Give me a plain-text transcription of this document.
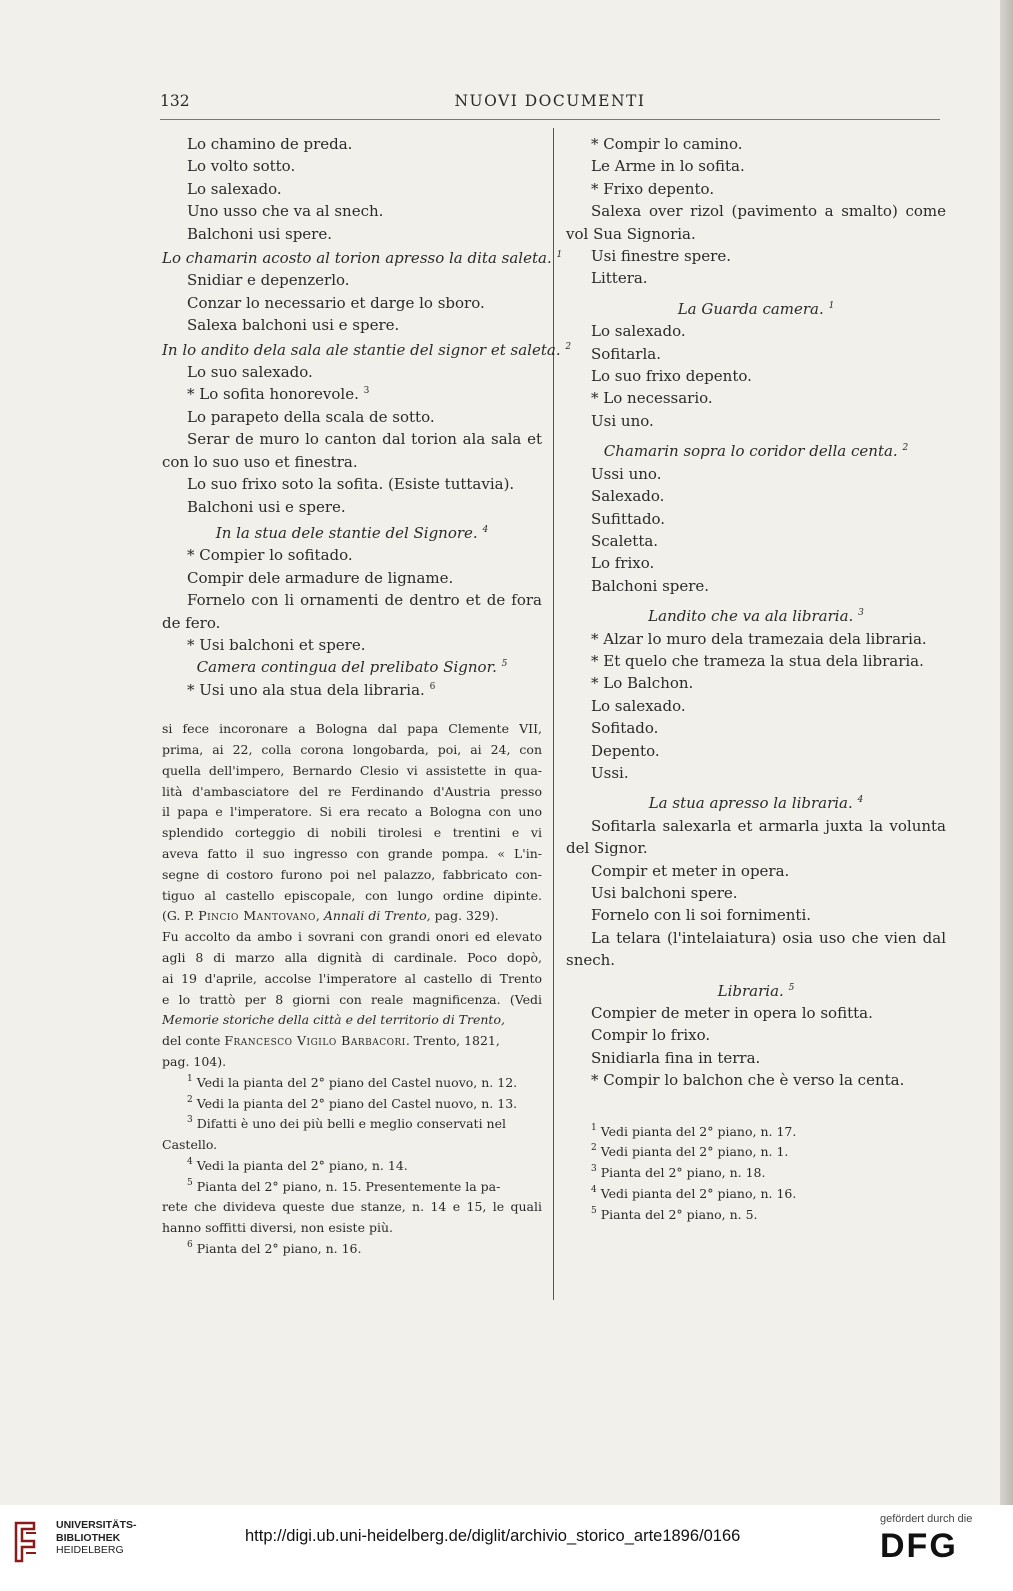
132	NUOVI DOCUMENTI
Lo chamino de preda.
Lo volto sotto.
Lo salexado.
Uno usso che va al snech.
Balchoni usi spere.
Lo chamarin acosto al torion apresso la dita saleta. $^1$
Snidiar e depenzerlo.
Conzar lo necessario et darge lo sboro.
Salexa balchoni usi e spere.
In lo andito dela sala ale stantie del signor et saleta. $^2$
Lo suo salexado.
* Lo sofita honorevole. $^3$
Lo parapeto della scala de sotto.
Serar de muro lo canton dal torion ala sala et
con lo suo uso et finestra.
Lo suo frixo soto la sofita. (Esiste tuttavia).
Balchoni usi e spere.
In la stua dele stantie del Signore. $^4$
* Compier lo sofitado.
Compir dele armadure de ligname.
Fornelo con li ornamenti de dentro et de fora
de fero.
* Usi balchoni et spere.
Camera contingua del prelibato Signor. $^5$
* Usi uno ala stua dela libraria. $^6$
si fece incoronare a Bologna dal papa Clemente VII,
prima, ai 22, colla corona longobarda, poi, ai 24, con
quella dell'impero, Bernardo Clesio vi assistette in qua-
lità d'ambasciatore del re Ferdinando d'Austria presso
il papa e l'imperatore. Si era recato a Bologna con uno
splendido corteggio di nobili tirolesi e trentini e vi
aveva fatto il suo ingresso con grande pompa. « L'in-
segne di costoro furono poi nel palazzo, fabbricato con-
tiguo al castello episcopale, con lungo ordine dipinte.
(G. P. Pincio Mantovano, Annali di Trento, pag. 329).
Fu accolto da ambo i sovrani con grandi onori ed elevato
agli 8 di marzo alla dignità di cardinale. Poco dopò,
ai 19 d'aprile, accolse l'imperatore al castello di Trento
e lo trattò per 8 giorni con reale magnificenza. (Vedi
Memorie storiche della città e del territorio di Trento,
del conte Francesco Vigilo Barbacori. Trento, 1821,
pag. 104).
$^1$ Vedi la pianta del 2° piano del Castel nuovo, n. 12.
$^2$ Vedi la pianta del 2° piano del Castel nuovo, n. 13.
$^3$ Difatti è uno dei più belli e meglio conservati nel
Castello.
$^4$ Vedi la pianta del 2° piano, n. 14.
$^5$ Pianta del 2° piano, n. 15. Presentemente la pa-
rete che divideva queste due stanze, n. 14 e 15, le quali
hanno soffitti diversi, non esiste più.
$^6$ Pianta del 2° piano, n. 16.
* Compir lo camino.
Le Arme in lo sofita.
* Frixo depento.
Salexa over rizol (pavimento a smalto) come
vol Sua Signoria.
Usi finestre spere.
Littera.
La Guarda camera. $^1$
Lo salexado.
Sofitarla.
Lo suo frixo depento.
* Lo necessario.
Usi uno.
Chamarin sopra lo coridor della centa. $^2$
Ussi uno.
Salexado.
Sufittado.
Scaletta.
Lo frixo.
Balchoni spere.
Landito che va ala libraria. $^3$
* Alzar lo muro dela tramezaia dela libraria.
* Et quelo che trameza la stua dela libraria.
* Lo Balchon.
Lo salexado.
Sofitado.
Depento.
Ussi.
La stua apresso la libraria. $^4$
Sofitarla salexarla et armarla juxta la volunta
del Signor.
Compir et meter in opera.
Usi balchoni spere.
Fornelo con li soi fornimenti.
La telara (l'intelaiatura) osia uso che vien dal
snech.
Libraria. $^5$
Compier de meter in opera lo sofitta.
Compir lo frixo.
Snidiarla fina in terra.
* Compir lo balchon che è verso la centa.
$^1$ Vedi pianta del 2° piano, n. 17.
$^2$ Vedi pianta del 2° piano, n. 1.
$^3$ Pianta del 2° piano, n. 18.
$^4$ Vedi pianta del 2° piano, n. 16.
$^5$ Pianta del 2° piano, n. 5.
UNIVERSITÄTS-
BIBLIOTHEK
HEIDELBERG
http://digi.ub.uni-heidelberg.de/diglit/archivio_storico_arte1896/0166
gefördert durch die
DFG
